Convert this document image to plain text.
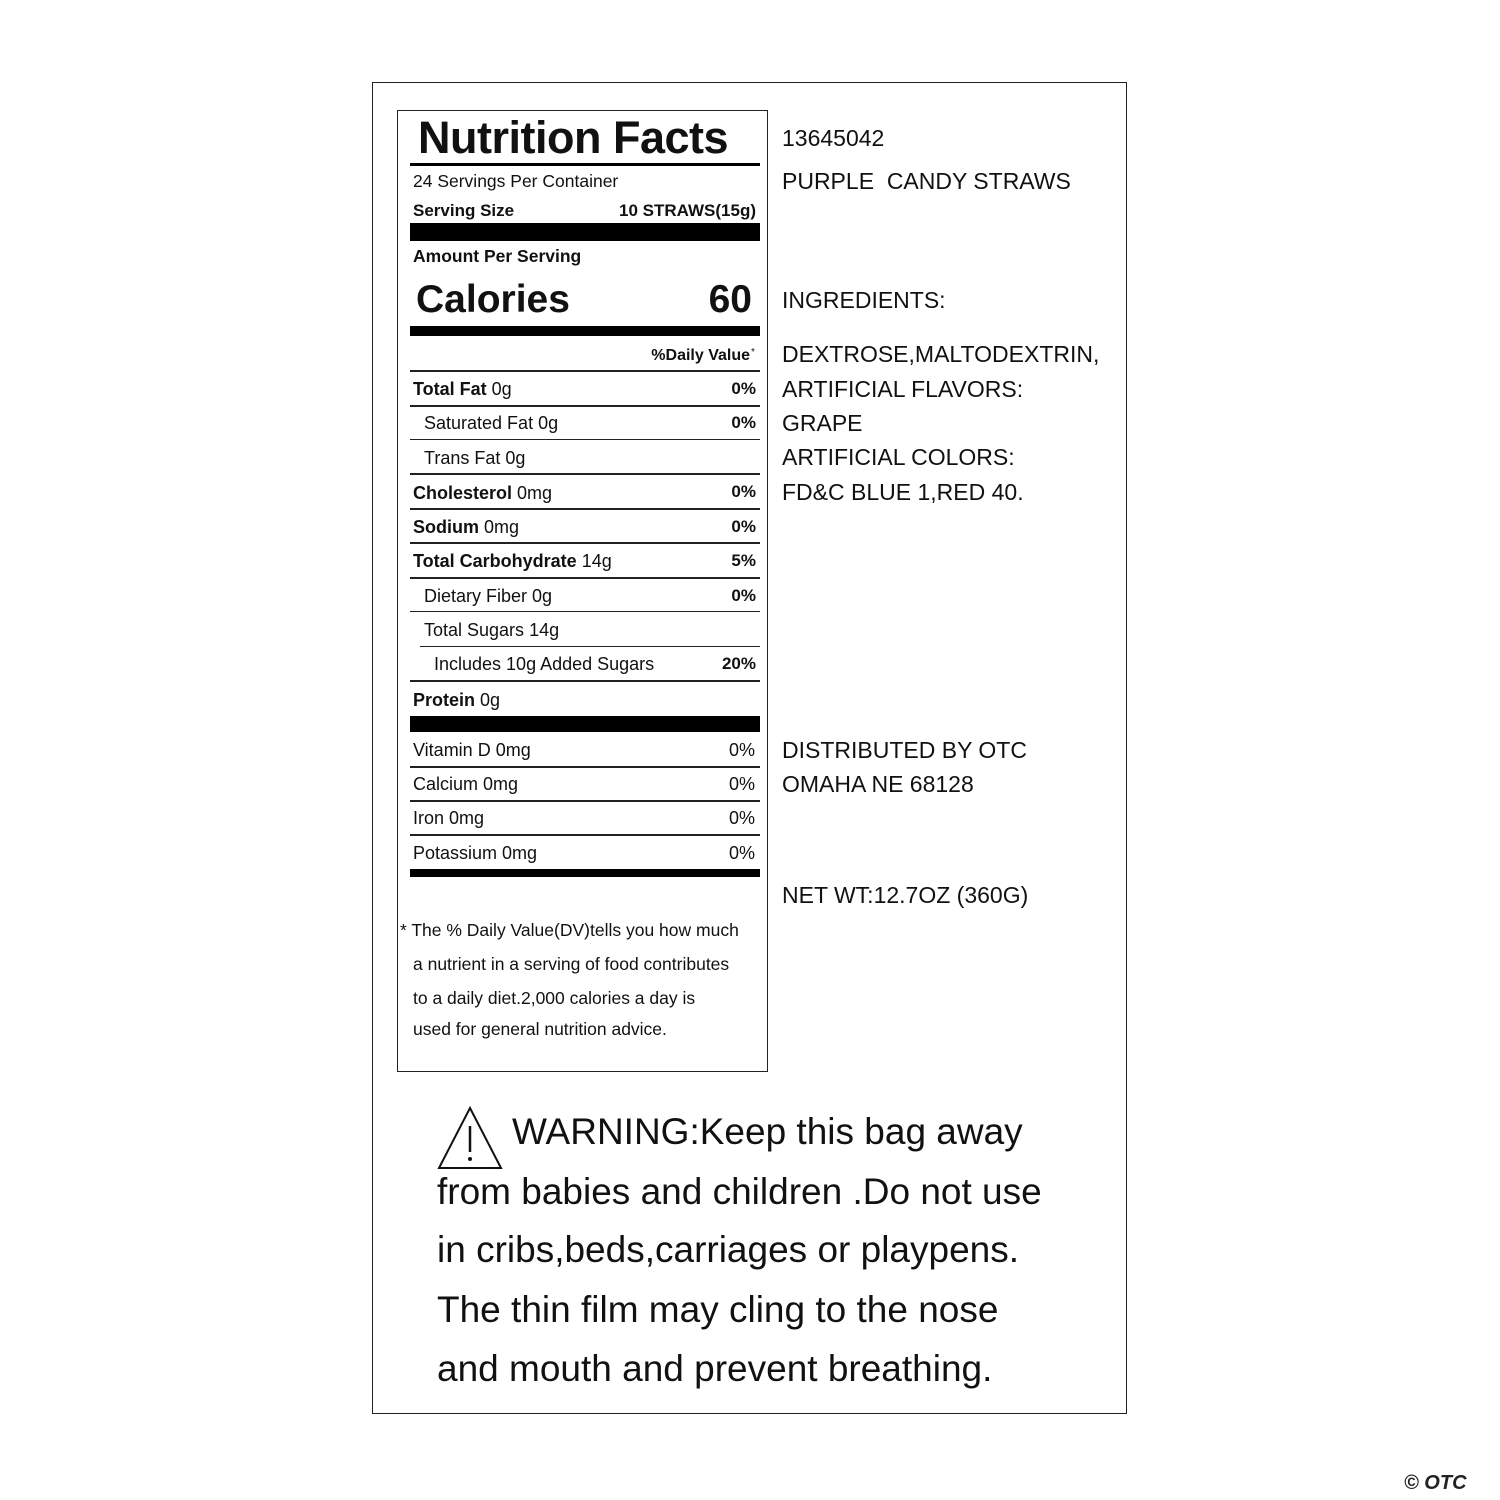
Nutrition Facts
24 Servings Per Container
Serving Size	10 STRAWS(15g)
Amount Per Serving
Calories	60
%Daily Value *
Total Fat 0g	0%
Saturated Fat 0g	0%
Trans Fat 0g
Cholesterol 0mg	0%
Sodium 0mg	0%
Total Carbohydrate 14g	5%
Dietary Fiber 0g	0%
Total Sugars 14g
Includes 10g Added Sugars	20%
Protein 0g
Vitamin D 0mg	0%
Calcium 0mg	0%
Iron 0mg	0%
Potassium 0mg	0%
* The % Daily Value(DV)tells you how much
a nutrient in a serving of food contributes
to a daily diet.2,000 calories a day is
used for general nutrition advice.
13645042
PURPLE  CANDY STRAWS
INGREDIENTS:
DEXTROSE,MALTODEXTRIN,
ARTIFICIAL FLAVORS:
GRAPE
ARTIFICIAL COLORS:
FD&C BLUE 1,RED 40.
DISTRIBUTED BY OTC
OMAHA NE 68128
NET WT:12.7OZ (360G)
WARNING:Keep this bag away
from babies and children .Do not use
in cribs,beds,carriages or playpens.
The thin film may cling to the nose
and mouth and prevent breathing.
© OTC
